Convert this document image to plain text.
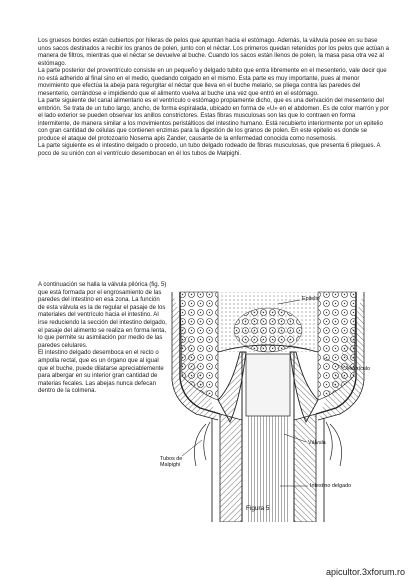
Los gruesos bordes están cubiertos por hileras de pelos que apuntan hacia el estómago. Además, la válvula posee en su base unos sacos destinados a recibir los granos de polen, junto con el néctar. Los primeros quedan retenidos por los pelos que actúan a manera de filtros, mientras que el néctar se devuelve al buche. Cuando los sacos están llenos de polen, la masa pasa otra vez al estómago.

La parte posterior del proventrículo consiste en un pequeño y delgado tubito que entra libremente en el mesenterio, vale decir que no está adherido al final sino en el medio, quedando colgado en el mismo. Esta parte es muy importante, pues al menor movimiento que efectúa la abeja para regurgitar el néctar que lleva en el buche melario, se pliega contra las paredes del mesenterio, cerrándose e impidiendo que el alimento vuelva al buche una vez que entró en el estómago.

La parte siguiente del canal alimentario es el ventrículo o estómago propiamente dicho, que es una derivación del mesenterio del embrión. Se trata de un tubo largo, ancho, de forma espiralada, ubicado en forma de «U» en el abdomen. Es de color marrón y por el lado exterior se pueden observar los anillos constrictores. Estas fibras musculosas son las que lo contraen en forma intermitente, de manera similar a los movimientos peristálticos del intestino humano. Está recubierto interiormente por un epitelio con gran cantidad de células que contienen enzimas para la digestión de los granos de polen. En este epitelio es donde se produce el ataque del protozoario Nosema apis Zander, causante de la enfermedad conocida como nosemosis.

La parte siguiente es el intestino delgado o procedo, un tubo delgado rodeado de fibras musculosas, que presenta 6 pliegues. A poco de su unión con el ventrículo desembocan en él los tubos de Malpighi.

A continuación se halla la válvula pilórica (fig. 5) que está formada por el engrosamiento de las paredes del intestino en esa zona. La función de esta válvula es la de regular el pasaje de los materiales del ventrículo hacia el intestino. Al irse reduciendo la sección del intestino delgado, el pasaje del alimento se realiza en forma lenta, lo que permite su asimilación por medio de las paredes celulares.

El intestino delgado desemboca en el recto o ampolla rectal, que es un órgano que al igual que el buche, puede dilatarse apreciablemente para albergar en su interior gran cantidad de materias fecales. Las abejas nunca defecan dentro de la colmena.

Epitelio
Ventrículo
Válvula
Tubos de Malpighi
Intestino delgado
Figura 5
apicultor.3xforum.ro
